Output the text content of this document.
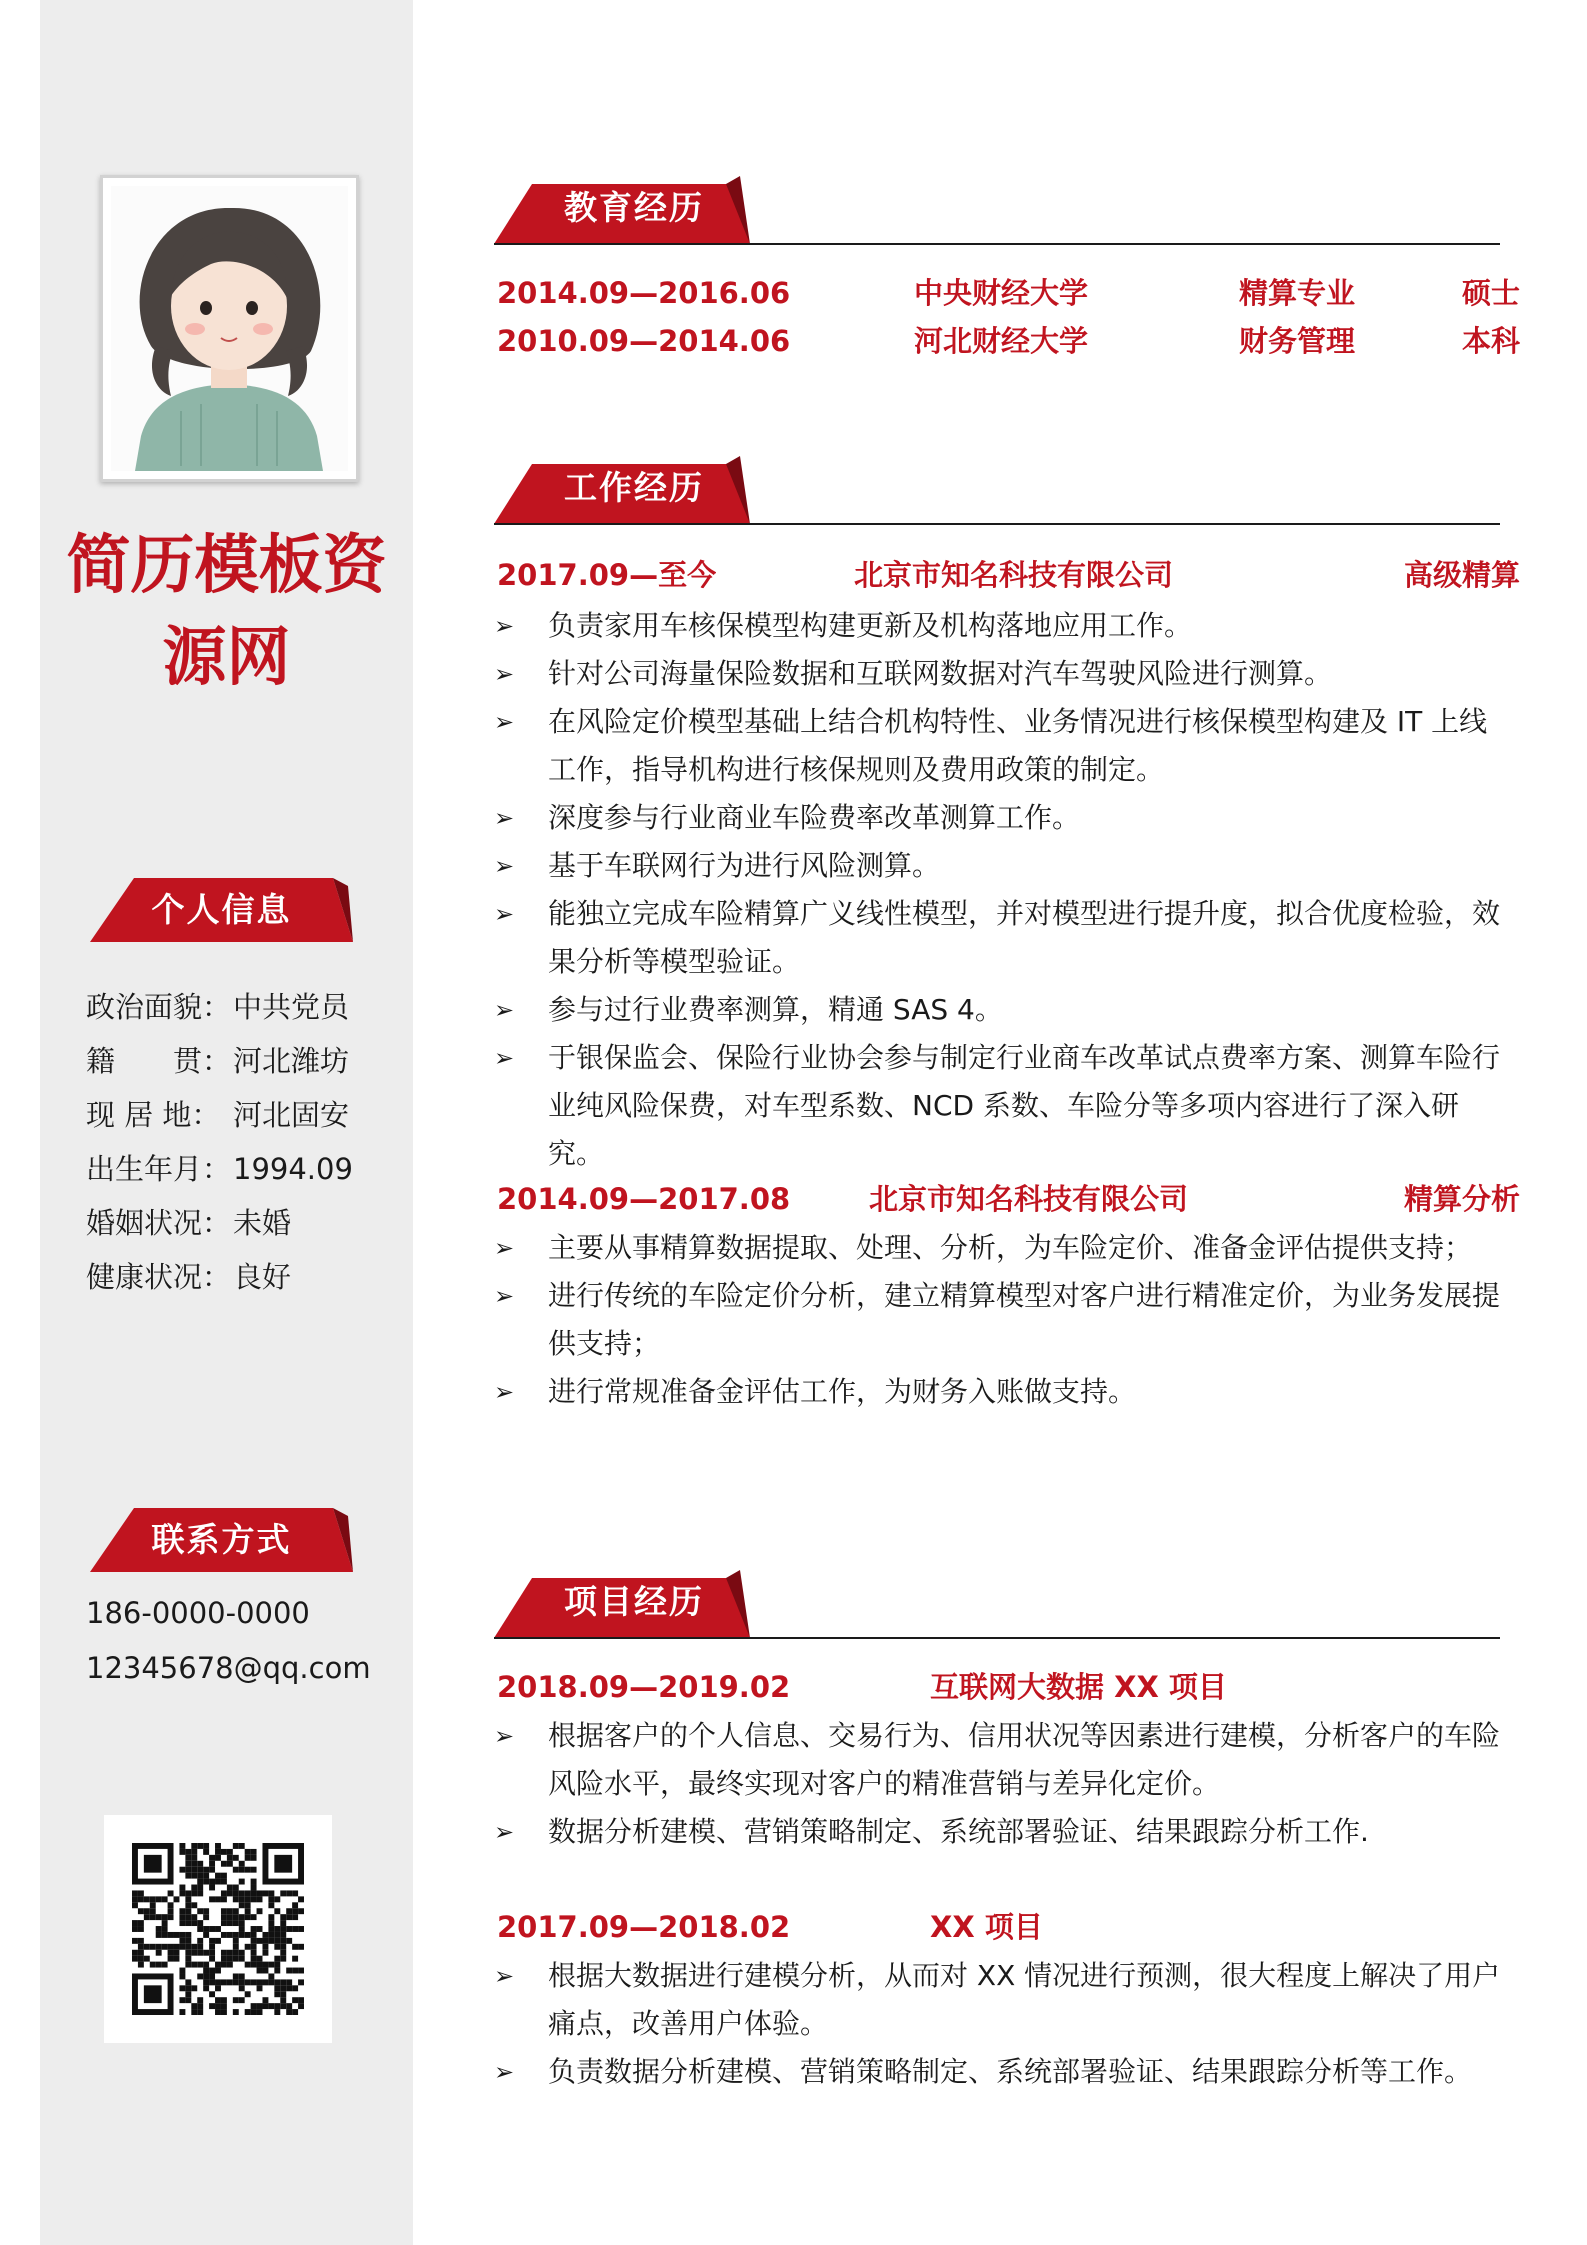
简历模板资源网
个人信息
政治面貌：中共党员
籍　　贯：河北潍坊
现 居 地： 河北固安
出生年月：1994.09
婚姻状况：未婚
健康状况：良好
联系方式
186-0000-0000
12345678@qq.com
教育经历
2014.09—2016.06	中央财经大学	精算专业	硕士
2010.09—2014.06	河北财经大学	财务管理	本科
工作经历
2017.09—至今	北京市知名科技有限公司	高级精算
➢ 负责家用车核保模型构建更新及机构落地应用工作。
➢ 针对公司海量保险数据和互联网数据对汽车驾驶风险进行测算。
➢ 在风险定价模型基础上结合机构特性、业务情况进行核保模型构建及 IT 上线工作，指导机构进行核保规则及费用政策的制定。
➢ 深度参与行业商业车险费率改革测算工作。
➢ 基于车联网行为进行风险测算。
➢ 能独立完成车险精算广义线性模型，并对模型进行提升度，拟合优度检验，效果分析等模型验证。
➢ 参与过行业费率测算，精通 SAS 4。
➢ 于银保监会、保险行业协会参与制定行业商车改革试点费率方案、测算车险行业纯风险保费，对车型系数、NCD 系数、车险分等多项内容进行了深入研究。
2014.09—2017.08	北京市知名科技有限公司	精算分析
➢ 主要从事精算数据提取、处理、分析，为车险定价、准备金评估提供支持；
➢ 进行传统的车险定价分析，建立精算模型对客户进行精准定价，为业务发展提供支持；
➢ 进行常规准备金评估工作，为财务入账做支持。
项目经历
2018.09—2019.02	互联网大数据 XX 项目
➢ 根据客户的个人信息、交易行为、信用状况等因素进行建模，分析客户的车险风险水平，最终实现对客户的精准营销与差异化定价。
➢ 数据分析建模、营销策略制定、系统部署验证、结果跟踪分析工作.
2017.09—2018.02	XX 项目
➢ 根据大数据进行建模分析，从而对 XX 情况进行预测，很大程度上解决了用户痛点，改善用户体验。
➢ 负责数据分析建模、营销策略制定、系统部署验证、结果跟踪分析等工作。
